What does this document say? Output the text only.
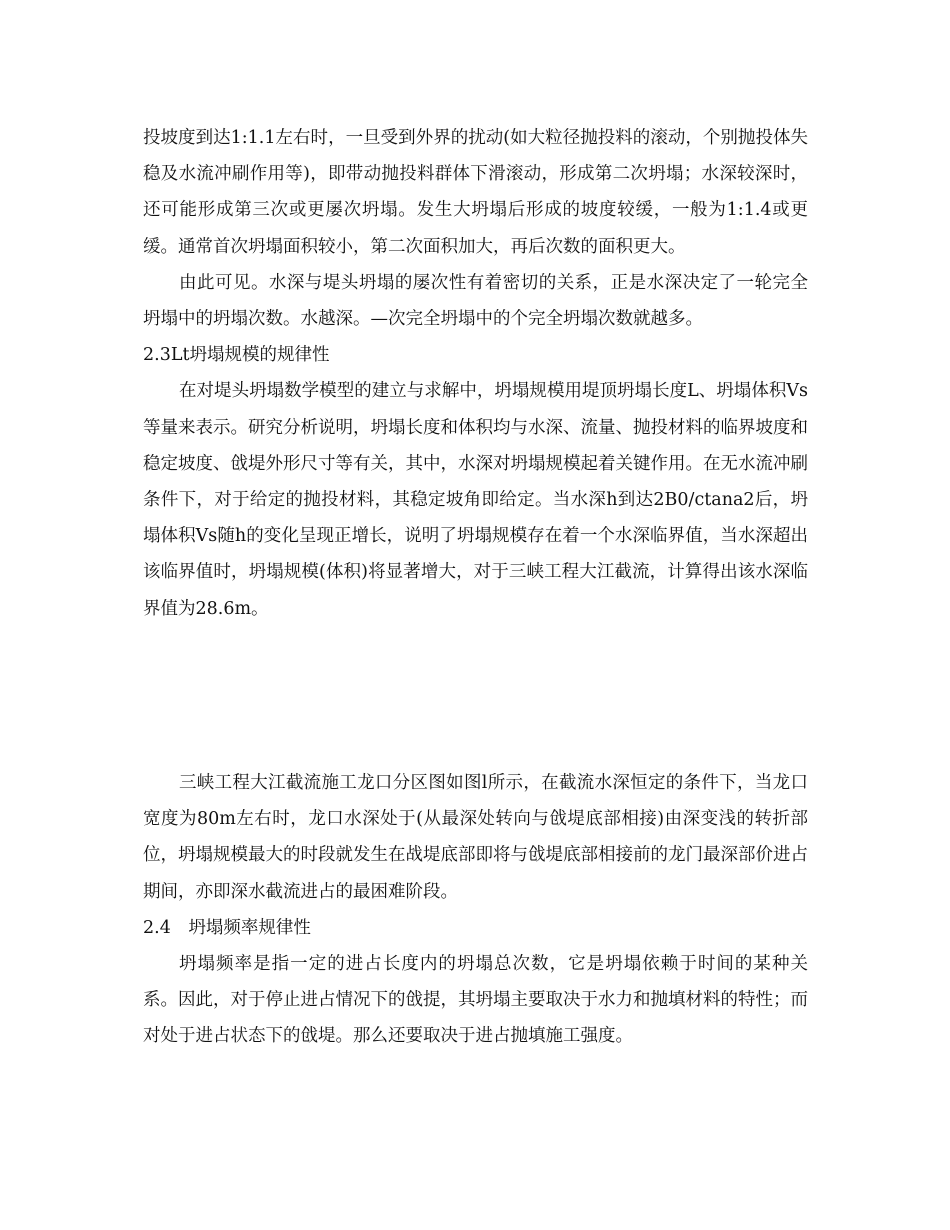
投坡度到达1:1.1左右时，一旦受到外界的扰动(如大粒径抛投料的滚动，个别抛投体失稳及水流冲刷作用等)，即带动抛投料群体下滑滚动，形成第二次坍塌；水深较深时，还可能形成第三次或更屡次坍塌。发生大坍塌后形成的坡度较缓，一般为1:1.4或更缓。通常首次坍塌面积较小，第二次面积加大，再后次数的面积更大。

由此可见。水深与堤头坍塌的屡次性有着密切的关系，正是水深决定了一轮完全坍塌中的坍塌次数。水越深。—次完全坍塌中的个完全坍塌次数就越多。

2.3Lt坍塌规模的规律性

在对堤头坍塌数学模型的建立与求解中，坍塌规模用堤顶坍塌长度L、坍塌体积Vs等量来表示。研究分析说明，坍塌长度和体积均与水深、流量、抛投材料的临界坡度和稳定坡度、戗堤外形尺寸等有关，其中，水深对坍塌规模起着关键作用。在无水流冲刷条件下，对于给定的抛投材料，其稳定坡角即给定。当水深h到达2B0/ctana2后，坍塌体积Vs随h的变化呈现正增长，说明了坍塌规模存在着一个水深临界值，当水深超出该临界值时，坍塌规模(体积)将显著增大，对于三峡工程大江截流，计算得出该水深临界值为28.6m。

三峡工程大江截流施工龙口分区图如图l所示，在截流水深恒定的条件下，当龙口宽度为80m左右时，龙口水深处于(从最深处转向与戗堤底部相接)由深变浅的转折部位，坍塌规模最大的时段就发生在战堤底部即将与戗堤底部相接前的龙门最深部价进占期间，亦即深水截流进占的最困难阶段。

2.4　坍塌频率规律性

坍塌频率是指一定的进占长度内的坍塌总次数，它是坍塌依赖于时间的某种关系。因此，对于停止进占情况下的戗提，其坍塌主要取决于水力和抛填材料的特性；而对处于进占状态下的戗堤。那么还要取决于进占抛填施工强度。
